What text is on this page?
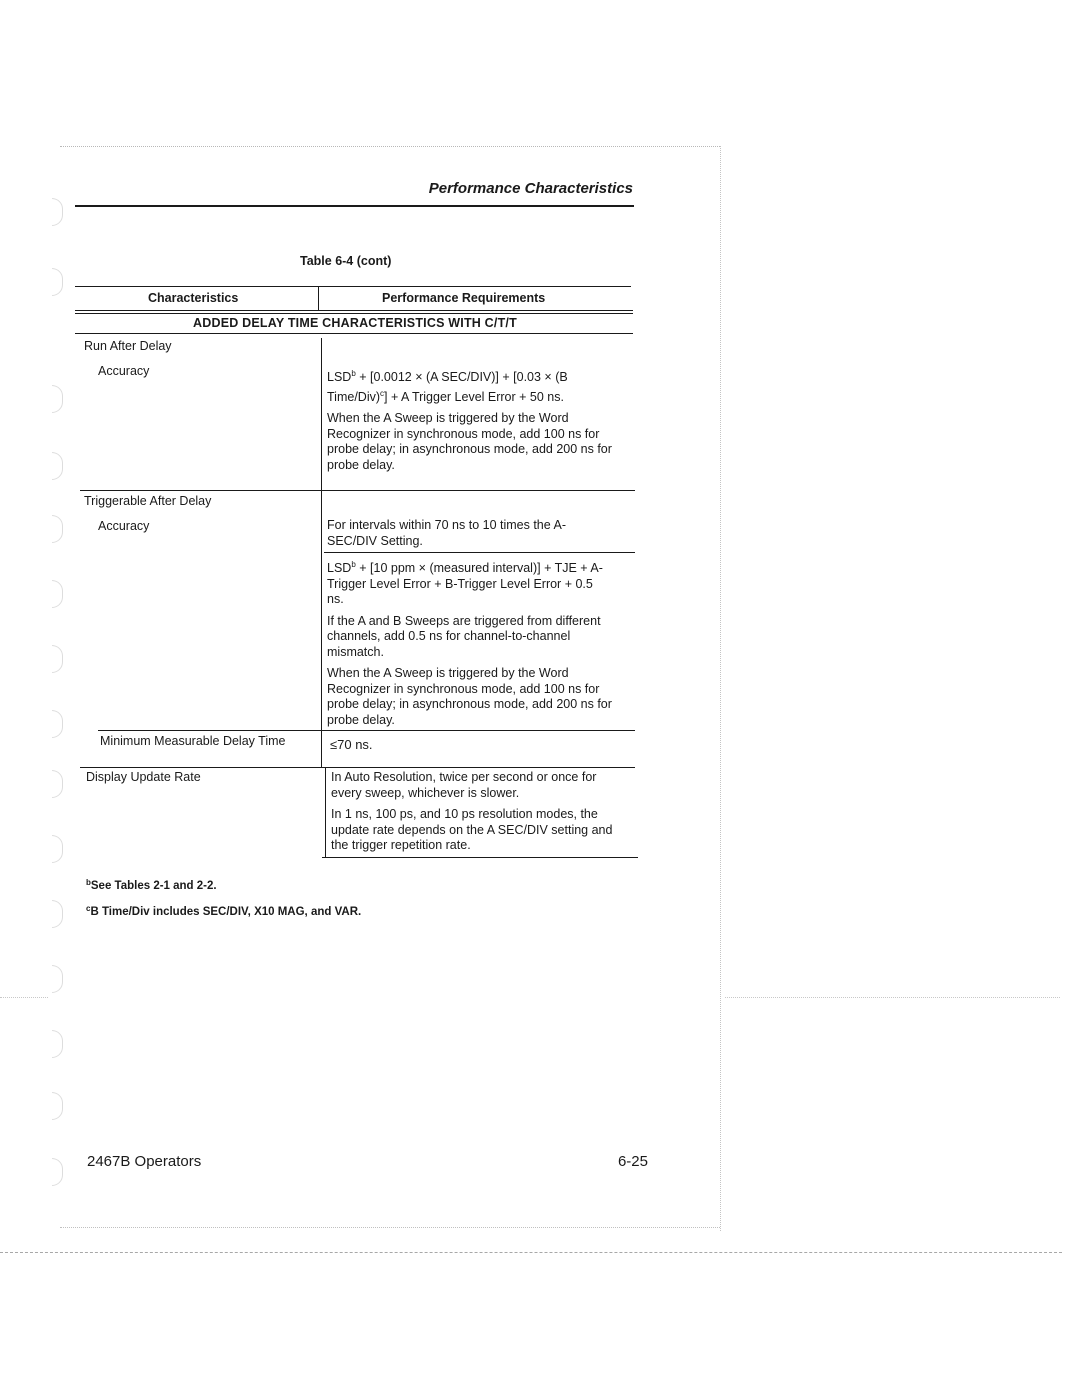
Performance Characteristics
Table 6-4 (cont)
Characteristics	Performance Requirements
ADDED DELAY TIME CHARACTERISTICS WITH C/T/T
Run After Delay
Accuracy	$LSD^b + [0.0012 \times (A$ SEC/DIV)] + [0.03 × (B Time/Div)$^c$] + A Trigger Level Error + 50 ns.

When the A Sweep is triggered by the Word Recognizer in synchronous mode, add 100 ns for probe delay; in asynchronous mode, add 200 ns for probe delay.

Triggerable After Delay
Accuracy	For intervals within 70 ns to 10 times the A-SEC/DIV Setting.

$LSD^b + [10$ ppm × (measured interval)] + TJE + A-Trigger Level Error + B-Trigger Level Error + 0.5 ns.

If the A and B Sweeps are triggered from different channels, add 0.5 ns for channel-to-channel mismatch.

When the A Sweep is triggered by the Word Recognizer in synchronous mode, add 100 ns for probe delay; in asynchronous mode, add 200 ns for probe delay.

Minimum Measurable Delay Time	≤70 ns.
Display Update Rate	In Auto Resolution, twice per second or once for every sweep, whichever is slower.

In 1 ns, 100 ps, and 10 ps resolution modes, the update rate depends on the A SEC/DIV setting and the trigger repetition rate.

$^b$See Tables 2-1 and 2-2.
$^c$B Time/Div includes SEC/DIV, X10 MAG, and VAR.
2467B Operators	6-25
